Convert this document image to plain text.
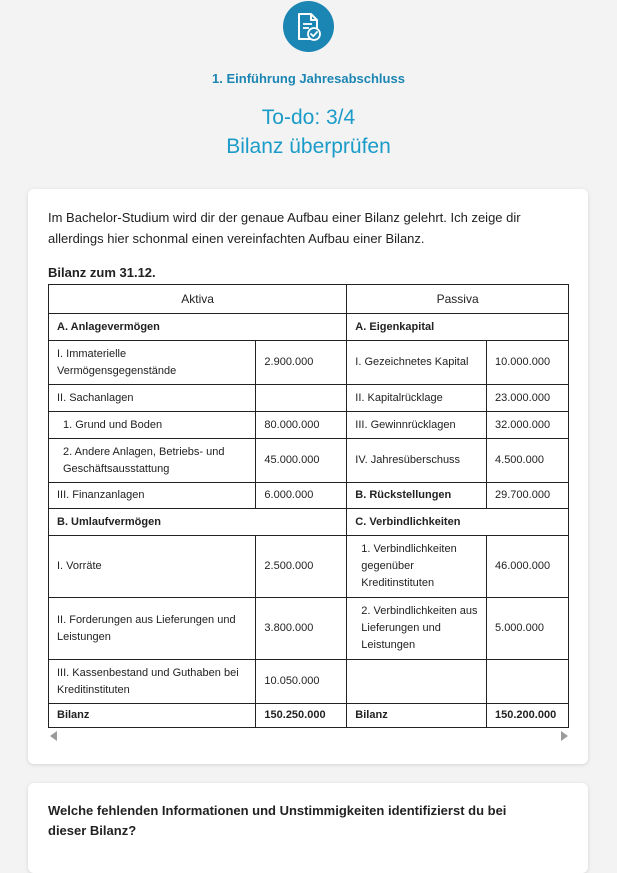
1. Einführung Jahresabschluss
To-do: 3/4
Bilanz überprüfen
Im Bachelor-Studium wird dir der genaue Aufbau einer Bilanz gelehrt. Ich zeige dir allerdings hier schonmal einen vereinfachten Aufbau einer Bilanz.
Bilanz zum 31.12.
Aktiva		Passiva	
A. Anlagevermögen		A. Eigenkapital	
I. Immaterielle Vermögensgegenstände	2.900.000	I. Gezeichnetes Kapital	10.000.000
II. Sachanlagen		II. Kapitalrücklage	23.000.000
1. Grund und Boden	80.000.000	III. Gewinnrücklagen	32.000.000
2. Andere Anlagen, Betriebs- und Geschäftsausstattung	45.000.000	IV. Jahresüberschuss	4.500.000
III. Finanzanlagen	6.000.000	B. Rückstellungen	29.700.000
B. Umlaufvermögen		C. Verbindlichkeiten	
I. Vorräte	2.500.000	1. Verbindlichkeiten gegenüber Kreditinstituten	46.000.000
II. Forderungen aus Lieferungen und Leistungen	3.800.000	2. Verbindlichkeiten aus Lieferungen und Leistungen	5.000.000
III. Kassenbestand und Guthaben bei Kreditinstituten	10.050.000		
Bilanz	150.250.000	Bilanz	150.200.000
Welche fehlenden Informationen und Unstimmigkeiten identifizierst du bei dieser Bilanz?
